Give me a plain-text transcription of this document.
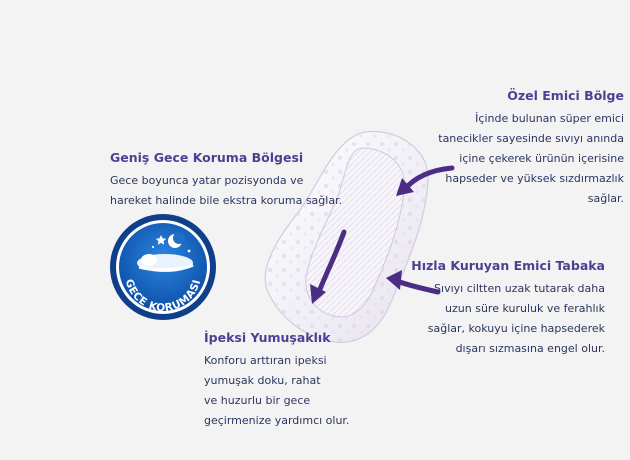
GECE KORUMASI
Geniş Gece Koruma Bölgesi
Gece boyunca yatar pozisyonda ve
hareket halinde bile ekstra koruma sağlar.
Özel Emici Bölge
İçinde bulunan süper emici
tanecikler sayesinde sıvıyı anında
içine çekerek ürünün içerisine
hapseder ve yüksek sızdırmazlık
sağlar.
Hızla Kuruyan Emici Tabaka
Sıvıyı ciltten uzak tutarak daha
uzun süre kuruluk ve ferahlık
sağlar, kokuyu içine hapsederek
dışarı sızmasına engel olur.
İpeksi Yumuşaklık
Konforu arttıran ipeksi
yumuşak doku, rahat
ve huzurlu bir gece
geçirmenize yardımcı olur.
